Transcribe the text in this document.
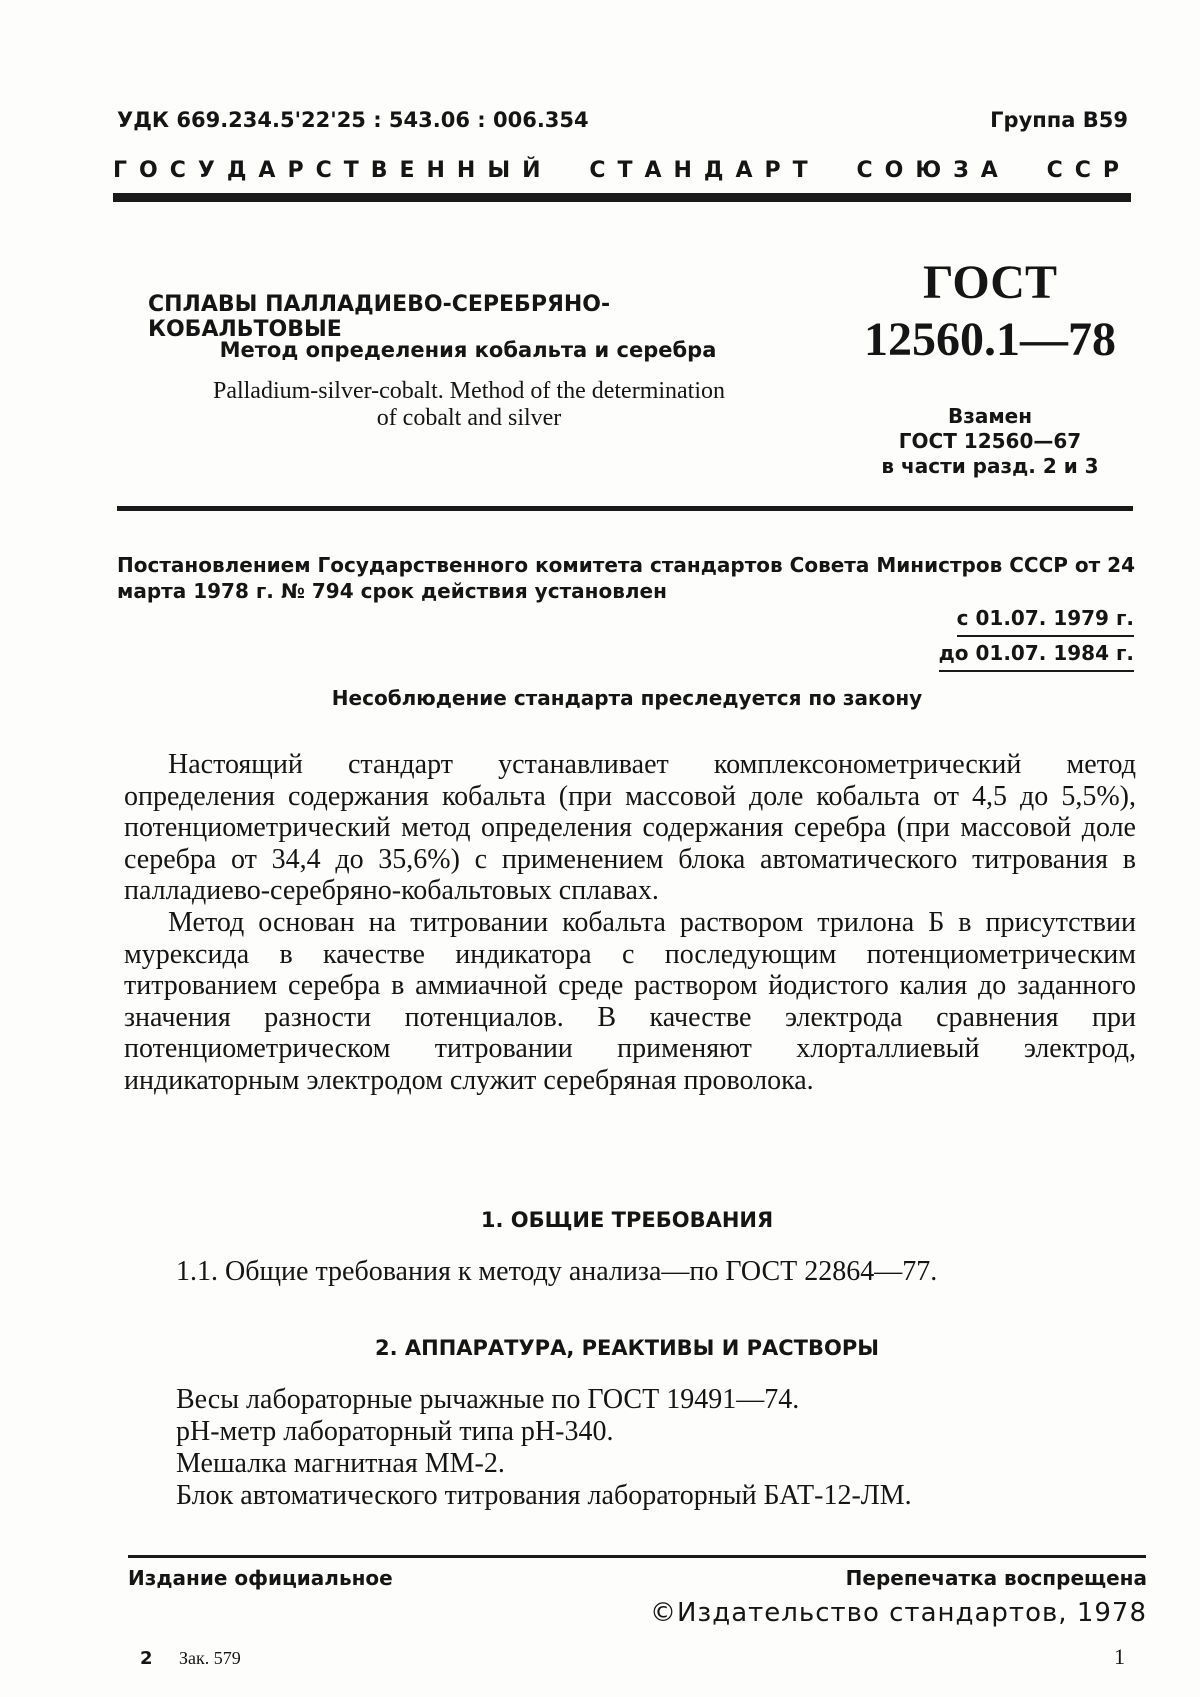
УДК 669.234.5'22'25 : 543.06 : 006.354	Группа В59
ГОСУДАРСТВЕННЫЙ СТАНДАРТ СОЮЗА ССР
СПЛАВЫ ПАЛЛАДИЕВО-СЕРЕБРЯНО-КОБАЛЬТОВЫЕ
Метод определения кобальта и серебра
Palladium-silver-cobalt. Method of the determination
of cobalt and silver
ГОСТ
12560.1—78
Взамен
ГОСТ 12560—67
в части разд. 2 и 3
Постановлением Государственного комитета стандартов Совета Министров СССР от 24 марта 1978 г. № 794 срок действия установлен
с 01.07. 1979 г.
до 01.07. 1984 г.
Несоблюдение стандарта преследуется по закону

Настоящий стандарт устанавливает комплексонометрический метод определения содержания кобальта (при массовой доле кобальта от 4,5 до 5,5%), потенциометрический метод определения содержания серебра (при массовой доле серебра от 34,4 до 35,6%) с применением блока автоматического титрования в палладиево-серебряно-кобальтовых сплавах.

Метод основан на титровании кобальта раствором трилона Б в присутствии мурексида в качестве индикатора с последующим потенциометрическим титрованием серебра в аммиачной среде раствором йодистого калия до заданного значения разности потенциалов. В качестве электрода сравнения при потенциометрическом титровании применяют хлорталлиевый электрод, индикаторным электродом служит серебряная проволока.

1. ОБЩИЕ ТРЕБОВАНИЯ
1.1. Общие требования к методу анализа—по ГОСТ 22864—77.
2. АППАРАТУРА, РЕАКТИВЫ И РАСТВОРЫ
Весы лабораторные рычажные по ГОСТ 19491—74.
рН-метр лабораторный типа рН-340.
Мешалка магнитная ММ-2.
Блок автоматического титрования лабораторный БАТ-12-ЛМ.
Издание официальное	Перепечатка воспрещена
©Издательство стандартов, 1978
2 Зак. 579	1
